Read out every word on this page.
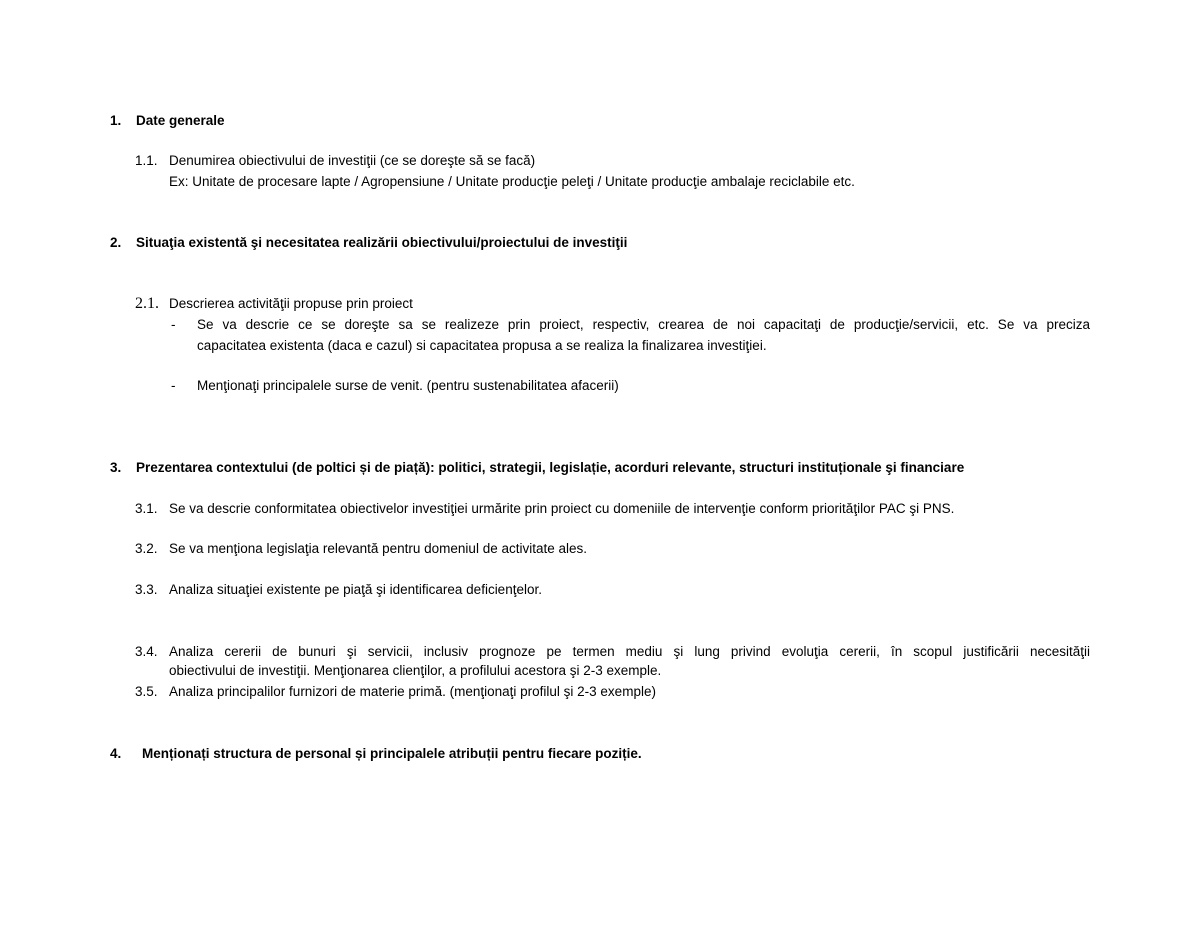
1. Date generale
1.1. Denumirea obiectivului de investiţii (ce se doreşte să se facă)
Ex: Unitate de procesare lapte / Agropensiune / Unitate producţie peleţi / Unitate producţie ambalaje reciclabile etc.
2. Situaţia existentă şi necesitatea realizării obiectivului/proiectului de investiţii
2.1. Descrierea activităţii propuse prin proiect
- Se va descrie ce se doreşte sa se realizeze prin proiect, respectiv, crearea de noi capacitaţi de producţie/servicii, etc. Se va preciza
capacitatea existenta (daca e cazul) si capacitatea propusa a se realiza la finalizarea investiţiei.
- Menţionaţi principalele surse de venit. (pentru sustenabilitatea afacerii)
3. Prezentarea contextului (de poltici și de piață): politici, strategii, legislație, acorduri relevante, structuri instituționale şi financiare
3.1. Se va descrie conformitatea obiectivelor investiţiei urmărite prin proiect cu domeniile de intervenţie conform priorităţilor PAC şi PNS.
3.2. Se va menţiona legislaţia relevantă pentru domeniul de activitate ales.
3.3. Analiza situaţiei existente pe piaţă şi identificarea deficienţelor.
3.4. Analiza cererii de bunuri şi servicii, inclusiv prognoze pe termen mediu şi lung privind evoluţia cererii, în scopul justificării necesităţii
obiectivului de investiţii. Menţionarea clienţilor, a profilului acestora şi 2-3 exemple.
3.5. Analiza principalilor furnizori de materie primă. (menţionaţi profilul şi 2-3 exemple)
4. Menționați structura de personal și principalele atribuții pentru fiecare poziție.
